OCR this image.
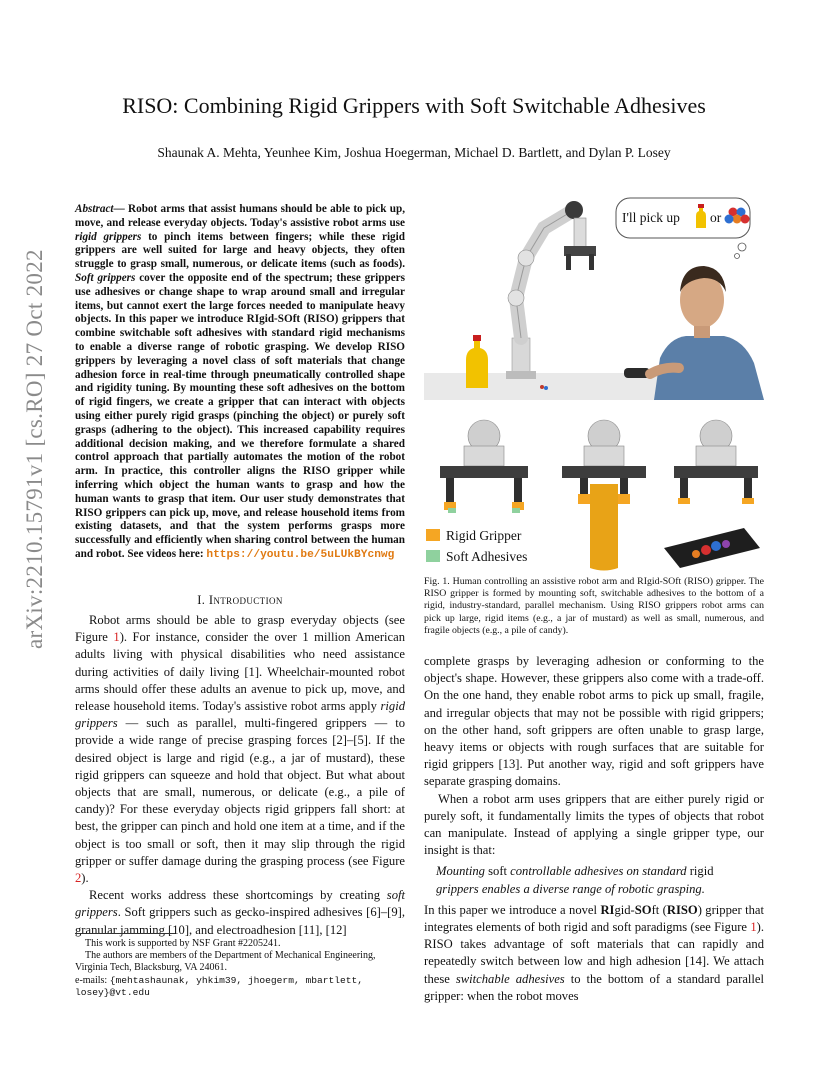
arXiv:2210.15791v1 [cs.RO] 27 Oct 2022
RISO: Combining Rigid Grippers with Soft Switchable Adhesives
Shaunak A. Mehta, Yeunhee Kim, Joshua Hoegerman, Michael D. Bartlett, and Dylan P. Losey
Abstract— Robot arms that assist humans should be able to pick up, move, and release everyday objects. Today's assistive robot arms use rigid grippers to pinch items between fingers; while these rigid grippers are well suited for large and heavy objects, they often struggle to grasp small, numerous, or delicate items (such as foods). Soft grippers cover the opposite end of the spectrum; these grippers use adhesives or change shape to wrap around small and irregular items, but cannot exert the large forces needed to manipulate heavy objects. In this paper we introduce RIgid-SOft (RISO) grippers that combine switchable soft adhesives with standard rigid mechanisms to enable a diverse range of robotic grasping. We develop RISO grippers by leveraging a novel class of soft materials that change adhesion force in real-time through pneumatically controlled shape and rigidity tuning. By mounting these soft adhesives on the bottom of rigid fingers, we create a gripper that can interact with objects using either purely rigid grasps (pinching the object) or purely soft grasps (adhering to the object). This increased capability requires additional decision making, and we therefore formulate a shared control approach that partially automates the motion of the robot arm. In practice, this controller aligns the RISO gripper while inferring which object the human wants to grasp and how the human wants to grasp that item. Our user study demonstrates that RISO grippers can pick up, move, and release household items from existing datasets, and that the system performs grasps more successfully and efficiently when sharing control between the human and robot. See videos here: https://youtu.be/5uLUkBYcnwg
I. Introduction

Robot arms should be able to grasp everyday objects (see Figure 1). For instance, consider the over 1 million American adults living with physical disabilities who need assistance during activities of daily living [1]. Wheelchair-mounted robot arms should offer these adults an avenue to pick up, move, and release household items. Today's assistive robot arms apply rigid grippers — such as parallel, multi-fingered grippers — to provide a wide range of precise grasping forces [2]–[5]. If the desired object is large and rigid (e.g., a jar of mustard), these rigid grippers can squeeze and hold that object. But what about objects that are small, numerous, or delicate (e.g., a pile of candy)? For these everyday objects rigid grippers fall short: at best, the gripper can pinch and hold one item at a time, and if the object is too small or soft, then it may slip through the rigid gripper or suffer damage during the grasping process (see Figure 2).

Recent works address these shortcomings by creating soft grippers. Soft grippers such as gecko-inspired adhesives [6]–[9], granular jamming [10], and electroadhesion [11], [12]

This work is supported by NSF Grant #2205241.
The authors are members of the Department of Mechanical Engineering, Virginia Tech, Blacksburg, VA 24061.
e-mails: {mehtashaunak, yhkim39, jhoegerm, mbartlett, losey}@vt.edu
I'll pick up or
Rigid Gripper
Soft Adhesives
Fig. 1. Human controlling an assistive robot arm and RIgid-SOft (RISO) gripper. The RISO gripper is formed by mounting soft, switchable adhesives to the bottom of a rigid, industry-standard, parallel mechanism. Using RISO grippers robot arms can pick up large, rigid items (e.g., a jar of mustard) as well as small, numerous, and fragile objects (e.g., a pile of candy).

complete grasps by leveraging adhesion or conforming to the object's shape. However, these grippers also come with a trade-off. On the one hand, they enable robot arms to pick up small, fragile, and irregular objects that may not be possible with rigid grippers; on the other hand, soft grippers are often unable to grasp large, heavy items or objects with rough surfaces that are suitable for rigid grippers [13]. Put another way, rigid and soft grippers have separate grasping domains.

When a robot arm uses grippers that are either purely rigid or purely soft, it fundamentally limits the types of objects that robot can manipulate. Instead of applying a single gripper type, our insight is that:

Mounting soft controllable adhesives on standard rigid grippers enables a diverse range of robotic grasping.

In this paper we introduce a novel RIgid-SOft (RISO) gripper that integrates elements of both rigid and soft paradigms (see Figure 1). RISO takes advantage of soft materials that can rapidly and repeatedly switch between low and high adhesion [14]. We attach these switchable adhesives to the bottom of a standard parallel gripper: when the robot moves
